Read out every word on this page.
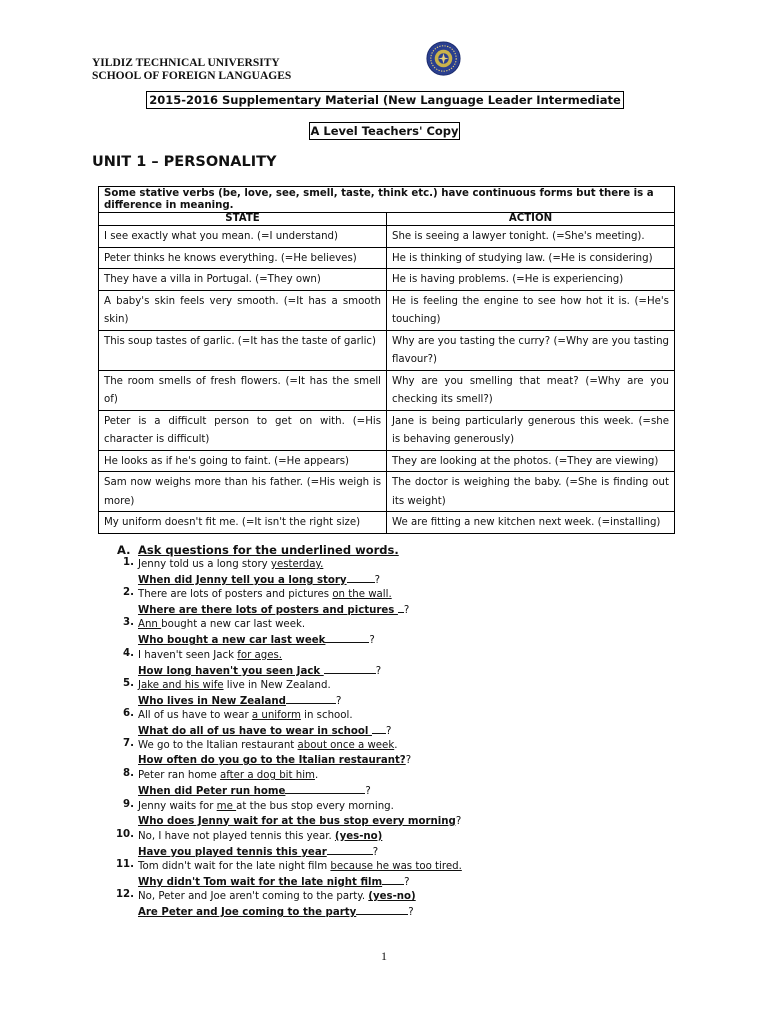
YILDIZ TECHNICAL UNIVERSITY
SCHOOL OF FOREIGN LANGUAGES
2015-2016 Supplementary Material (New Language Leader Intermediate
A Level Teachers' Copy
UNIT 1 – PERSONALITY
Some stative verbs (be, love, see, smell, taste, think etc.) have continuous forms but there is a difference in meaning.	
STATE	ACTION
I see exactly what you mean. (=I understand)	She is seeing a lawyer tonight. (=She's meeting).
Peter thinks he knows everything. (=He believes)	He is thinking of studying law. (=He is considering)
They have a villa in Portugal. (=They own)	He is having problems. (=He is experiencing)
A baby's skin feels very smooth. (=It has a smooth skin)	He is feeling the engine to see how hot it is. (=He's touching)
This soup tastes of garlic. (=It has the taste of garlic)	Why are you tasting the curry? (=Why are you tasting flavour?)
The room smells of fresh flowers. (=It has the smell of)	Why are you smelling that meat? (=Why are you checking its smell?)
Peter is a difficult person to get on with. (=His character is difficult)	Jane is being particularly generous this week. (=she is behaving generously)
He looks as if he's going to faint. (=He appears)	They are looking at the photos. (=They are viewing)
Sam now weighs more than his father. (=His weigh is more)	The doctor is weighing the baby. (=She is finding out its weight)
My uniform doesn't fit me. (=It isn't the right size)	We are fitting a new kitchen next week. (=installing)
A. Ask questions for the underlined words.
1. Jenny told us a long story yesterday.
When did Jenny tell you a long story	?
2. There are lots of posters and pictures on the wall.
Where are there lots of posters and pictures ?
3. Ann bought a new car last week.
Who bought a new car last week	?
4. I haven't seen Jack for ages.
How long haven't you seen Jack	?
5. Jake and his wife live in New Zealand.
Who lives in New Zealand	?
6. All of us have to wear a uniform in school.
What do all of us have to wear in school ?
7. We go to the Italian restaurant about once a week.
How often do you go to the Italian restaurant??
8. Peter ran home after a dog bit him.
When did Peter run home	?
9. Jenny waits for me at the bus stop every morning.
Who does Jenny wait for at the bus stop every morning?
10. No, I have not played tennis this year. (yes-no)
Have you played tennis this year	?
11. Tom didn't wait for the late night film because he was too tired.
Why didn't Tom wait for the late night film ?
12. No, Peter and Joe aren't coming to the party. (yes-no)
Are Peter and Joe coming to the party	?
1
